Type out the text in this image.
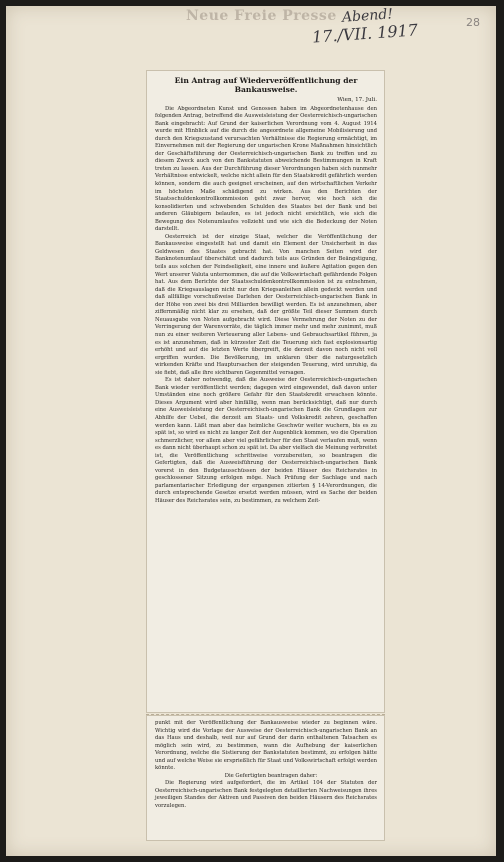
Neue Freie Presse Abend!
17./VII. 1917	28
Ein Antrag auf Wiederveröffentlichung der Bankausweise.
Wien, 17. Juli.

Die Abgeordneten Kunst und Genossen haben im Abgeordnetenhause den folgenden Antrag, betreffend die Ausweisleistung der Oesterreichisch-ungarischen Bank eingebracht: Auf Grund der kaiserlichen Verordnung vom 4. August 1914 wurde mit Hinblick auf die durch die angeordnete allgemeine Mobilisierung und durch den Kriegszustand verursachten Verhältnisse die Regierung ermächtigt, im Einvernehmen mit der Regierung der ungarischen Krone Maßnahmen hinsichtlich der Geschäftsführung der Oesterreichisch-ungarischen Bank zu treffen und zu diesem Zweck auch von den Bankstatuten abweichende Bestimmungen in Kraft treten zu lassen. Aus der Durchführung dieser Verordnungen haben sich nunmehr Verhältnisse entwickelt, welche nicht allein für den Staatskredit gefährlich werden können, sondern die auch geeignet erscheinen, auf den wirtschaftlichen Verkehr im höchsten Maße schädigend zu wirken. Aus den Berichten der Staatsschuldenkontrollkommission geht zwar hervor, wie hoch sich die konsolidierten und schwebenden Schulden des Staates bei der Bank und bei anderen Gläubigern belaufen, es ist jedoch nicht ersichtlich, wie sich die Bewegung des Notenumlaufes vollzieht und wie sich die Bedeckung der Noten darstellt.

Oesterreich ist der einzige Staat, welcher die Veröffentlichung der Bankausweise eingestellt hat und damit ein Element der Unsicherheit in das Geldwesen des Staates gebracht hat. Von manchen Seiten wird der Banknotenumlauf überschätzt und dadurch teils aus Gründen der Beängstigung, teils aus solchen der Feindseligkeit, eine innere und äußere Agitation gegen den Wert unserer Valuta unternommen, die auf die Volkswirtschaft gefährdende Folgen hat. Aus dem Berichte der Staatsschuldenkontrollkommission ist zu entnehmen, daß die Kriegsauslagen nicht nur den Kriegsanleihen allein gedeckt werden und daß allfällige vorschußweise Darlehen der Oesterreichisch-ungarischen Bank in der Höhe von zwei bis drei Milliarden bewilligt werden. Es ist anzunehmen, aber ziffernmäßig nicht klar zu ersehen, daß der größte Teil dieser Summen durch Neuausgabe von Noten aufgebracht wird. Diese Vermehrung der Noten zu der Verringerung der Warenvorräte, die täglich immer mehr und mehr zunimmt, muß nun zu einer weiteren Verteuerung aller Lebens- und Gebrauchsartikel führen, ja es ist anzunehmen, daß in kürzester Zeit die Teuerung sich fast explosionsartig erhöht und auf die letzten Werte übergreift, die derzeit davon noch nicht voll ergriffen wurden. Die Bevölkerung, im unklaren über die naturgesetzlich wirkenden Kräfte und Hauptursachen der steigenden Teuerung, wird unruhig, da sie fiebt, daß alle ihre sichtbaren Gegenmittel versagen.

Es ist daher notwendig, daß die Ausweise der Oesterreichisch-ungarischen Bank wieder veröffentlicht werden; dagegen wird eingewendet, daß davon unter Umständen eine noch größere Gefahr für den Staatskredit erwachsen könnte. Dieses Argument wird aber hinfällig, wenn man berücksichtigt, daß nur durch eine Ausweisleistung der Oesterreichisch-ungarischen Bank die Grundlagen zur Abhilfe der Uebel, die derzeit am Staats- und Volkskredit zehren, geschaffen werden kann. Läßt man aber das heimliche Geschwür weiter wuchern, bis es zu spät ist, so wird es nicht zu langer Zeit der Augenblick kommen, wo die Operation schmerzlicher, vor allem aber viel gefährlicher für den Staat verlaufen muß, wenn es dann nicht überhaupt schon zu spät ist. Da aber vielfach die Meinung verbreitet ist, die Veröffentlichung schrittweise vorzubereiten, so beantragen die Gefertigten, daß die Ausweisführung der Oesterreichisch-ungarischen Bank vorerst in den Budgetausschüssen der beiden Häuser des Reichsrates in geschlossener Sitzung erfolgen möge. Nach Prüfung der Sachlage und nach parlamentarischer Erledigung der ergangenen zitierten § 14-Verordnungen, die durch entsprechende Gesetze ersetzt werden müssen, wird es Sache der beiden Häuser des Reichsrates sein, zu bestimmen, zu welchem Zeit-

punkt mit der Veröffentlichung der Bankausweise wieder zu beginnen wäre. Wichtig wird die Vorlage der Ausweise der Oesterreichisch-ungarischen Bank an das Haus und deshalb, weil nur auf Grund der darin enthaltenen Tatsachen es möglich sein wird, zu bestimmen, wann die Aufhebung der kaiserlichen Verordnung, welche die Sistierung der Bankstatuten bestimmt, zu erfolgen hätte und auf welche Weise sie ersprießlich für Staat und Volkswirtschaft erfolgt werden könnte.

Die Gefertigten beantragen daher:

Die Regierung wird aufgefordert, die im Artikel 104 der Statuten der Oesterreichisch-ungarischen Bank festgelegten detaillierten Nachweisungen ihres jeweiligen Standes der Aktiven und Passiven den beiden Häusern des Reichsrates vorzulegen.
